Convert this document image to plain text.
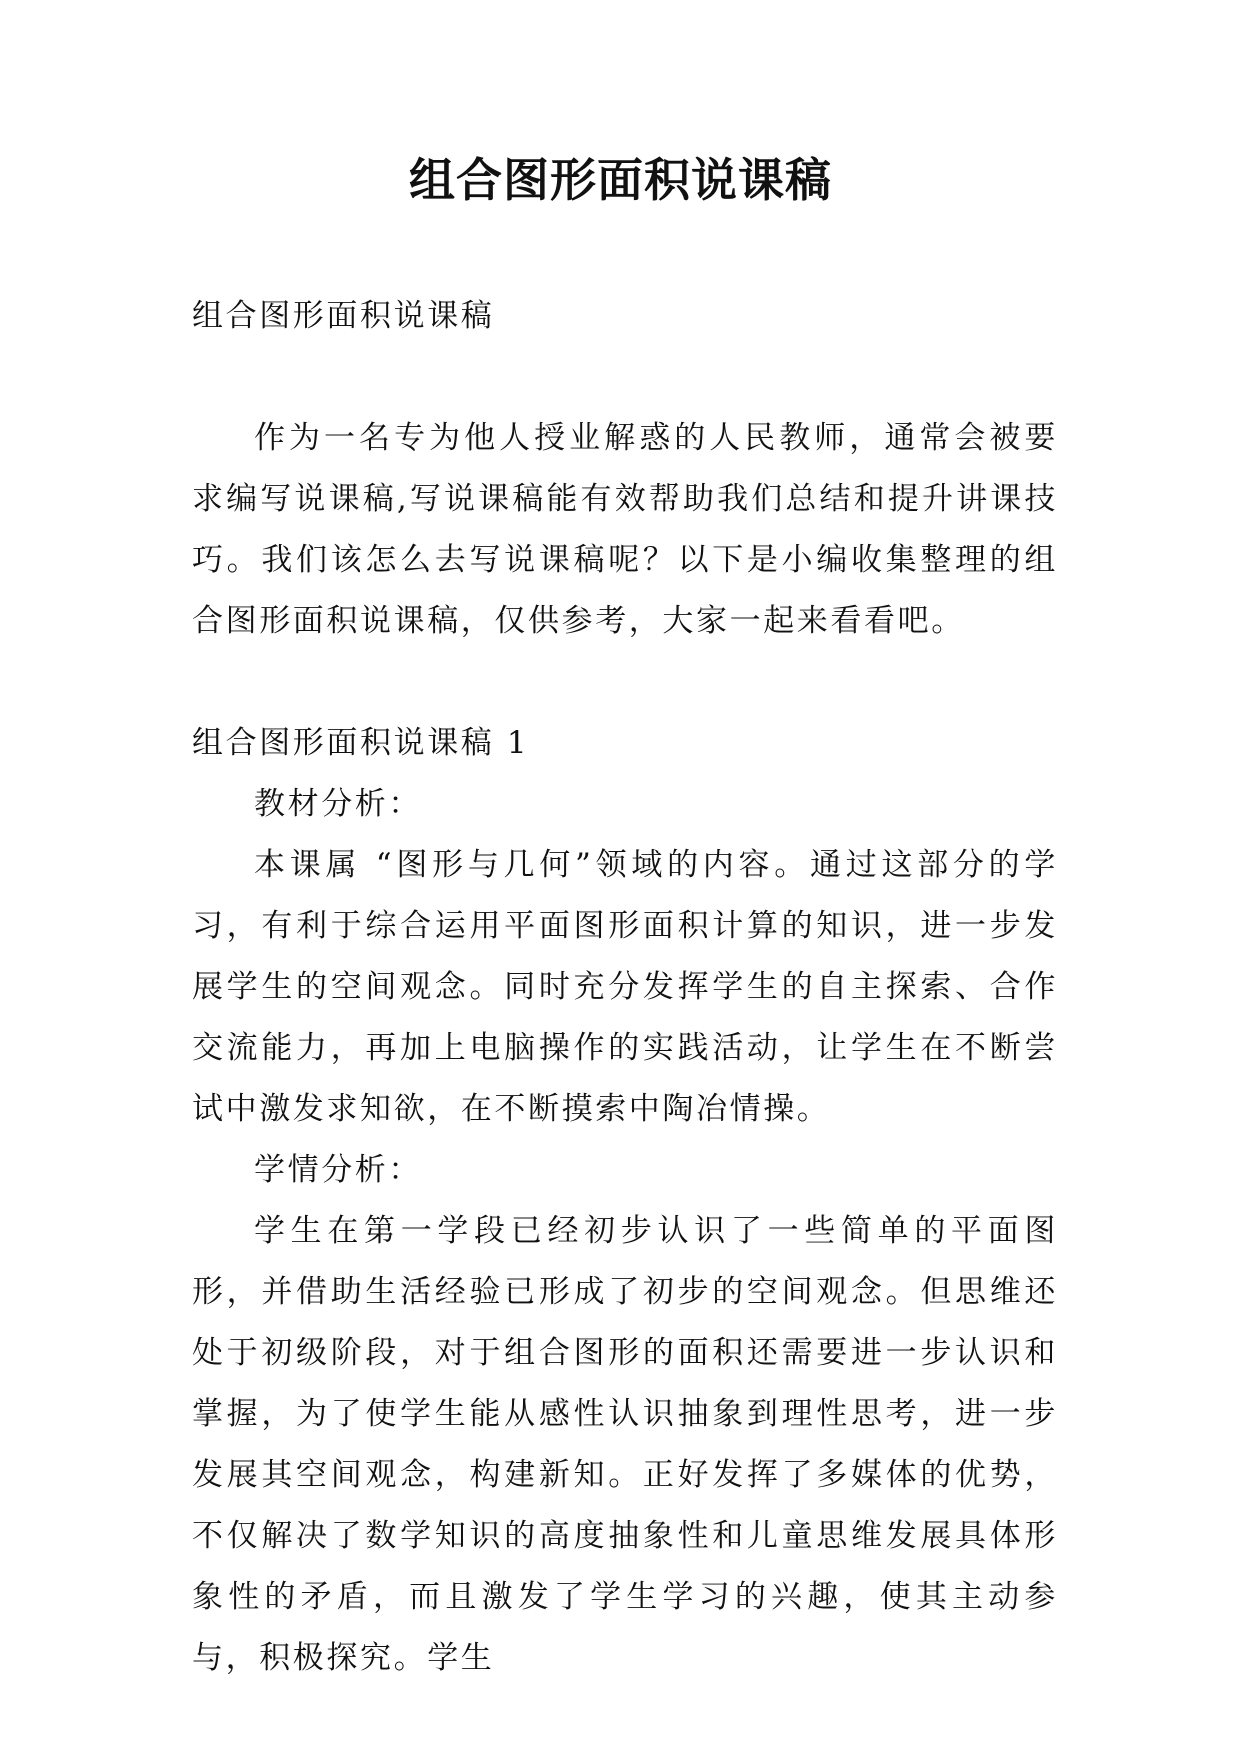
组合图形面积说课稿

组合图形面积说课稿

作为一名专为他人授业解惑的人民教师，通常会被要求编写说课稿,写说课稿能有效帮助我们总结和提升讲课技巧。我们该怎么去写说课稿呢？以下是小编收集整理的组合图形面积说课稿，仅供参考，大家一起来看看吧。

组合图形面积说课稿 1

教材分析：

本课属 “图形与几何”领域的内容。通过这部分的学习，有利于综合运用平面图形面积计算的知识，进一步发展学生的空间观念。同时充分发挥学生的自主探索、合作交流能力，再加上电脑操作的实践活动，让学生在不断尝试中激发求知欲，在不断摸索中陶冶情操。

学情分析：

学生在第一学段已经初步认识了一些简单的平面图形，并借助生活经验已形成了初步的空间观念。但思维还处于初级阶段，对于组合图形的面积还需要进一步认识和掌握，为了使学生能从感性认识抽象到理性思考，进一步发展其空间观念，构建新知。正好发挥了多媒体的优势，不仅解决了数学知识的高度抽象性和儿童思维发展具体形象性的矛盾，而且激发了学生学习的兴趣，使其主动参与，积极探究。学生
